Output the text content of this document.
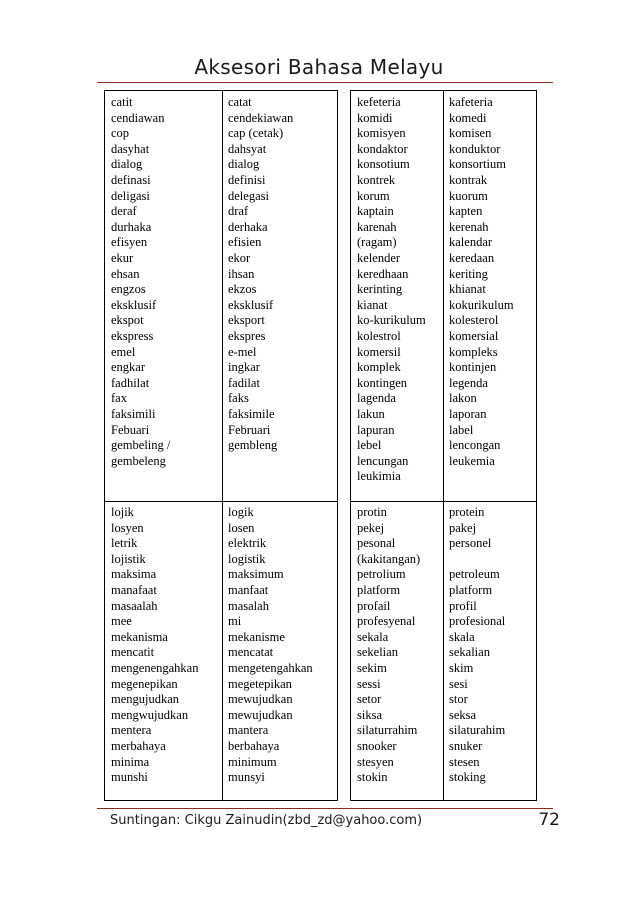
Aksesori Bahasa Melayu
catit
cendiawan
cop
dasyhat
dialog
definasi
deligasi
deraf
durhaka
efisyen
ekur
ehsan
engzos
eksklusif
ekspot
ekspress
emel
engkar
fadhilat
fax
faksimili
Febuari
gembeling /
gembeleng
lojik
losyen
letrik
lojistik
maksima
manafaat
masaalah
mee
mekanisma
mencatit
mengenengahkan
megenepikan
mengujudkan
mengwujudkan
mentera
merbahaya
minima
munshi
catat
cendekiawan
cap (cetak)
dahsyat
dialog
definisi
delegasi
draf
derhaka
efisien
ekor
ihsan
ekzos
eksklusif
eksport
ekspres
e-mel
ingkar
fadilat
faks
faksimile
Februari
gembleng
logik
losen
elektrik
logistik
maksimum
manfaat
masalah
mi
mekanisme
mencatat
mengetengahkan
megetepikan
mewujudkan
mewujudkan
mantera
berbahaya
minimum
munsyi
kefeteria
komidi
komisyen
kondaktor
konsotium
kontrek
korum
kaptain
karenah
(ragam)
kelender
keredhaan
kerinting
kianat
ko-kurikulum
kolestrol
komersil
komplek
kontingen
lagenda
lakun
lapuran
lebel
lencungan
leukimia
protin
pekej
pesonal
(kakitangan)
petrolium
platform
profail
profesyenal
sekala
sekelian
sekim
sessi
setor
siksa
silaturrahim
snooker
stesyen
stokin
kafeteria
komedi
komisen
konduktor
konsortium
kontrak
kuorum
kapten
kerenah
kalendar
keredaan
keriting
khianat
kokurikulum
kolesterol
komersial
kompleks
kontinjen
legenda
lakon
laporan
label
lencongan
leukemia
protein
pakej
personel
petroleum
platform
profil
profesional
skala
sekalian
skim
sesi
stor
seksa
silaturahim
snuker
stesen
stoking
Suntingan: Cikgu Zainudin(zbd_zd@yahoo.com)	72
